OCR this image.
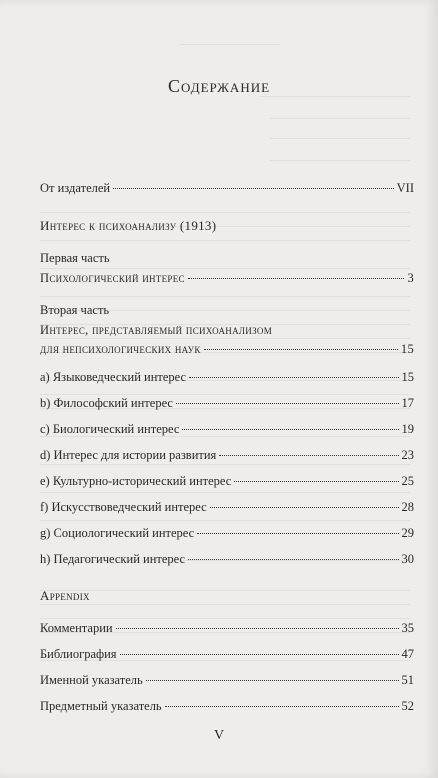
Содержание
От издателей	VII
Интерес к психоанализу (1913)
Первая часть
Психологический интерес	3
Вторая часть
Интерес, представляемый психоанализом
для непсихологических наук	15
a) Языковедческий интерес	15
b) Философский интерес	17
c) Биологический интерес	19
d) Интерес для истории развития	23
e) Культурно-исторический интерес	25
f) Искусствоведческий интерес	28
g) Социологический интерес	29
h) Педагогический интерес	30
Appendix
Комментарии	35
Библиография	47
Именной указатель	51
Предметный указатель	52
V
